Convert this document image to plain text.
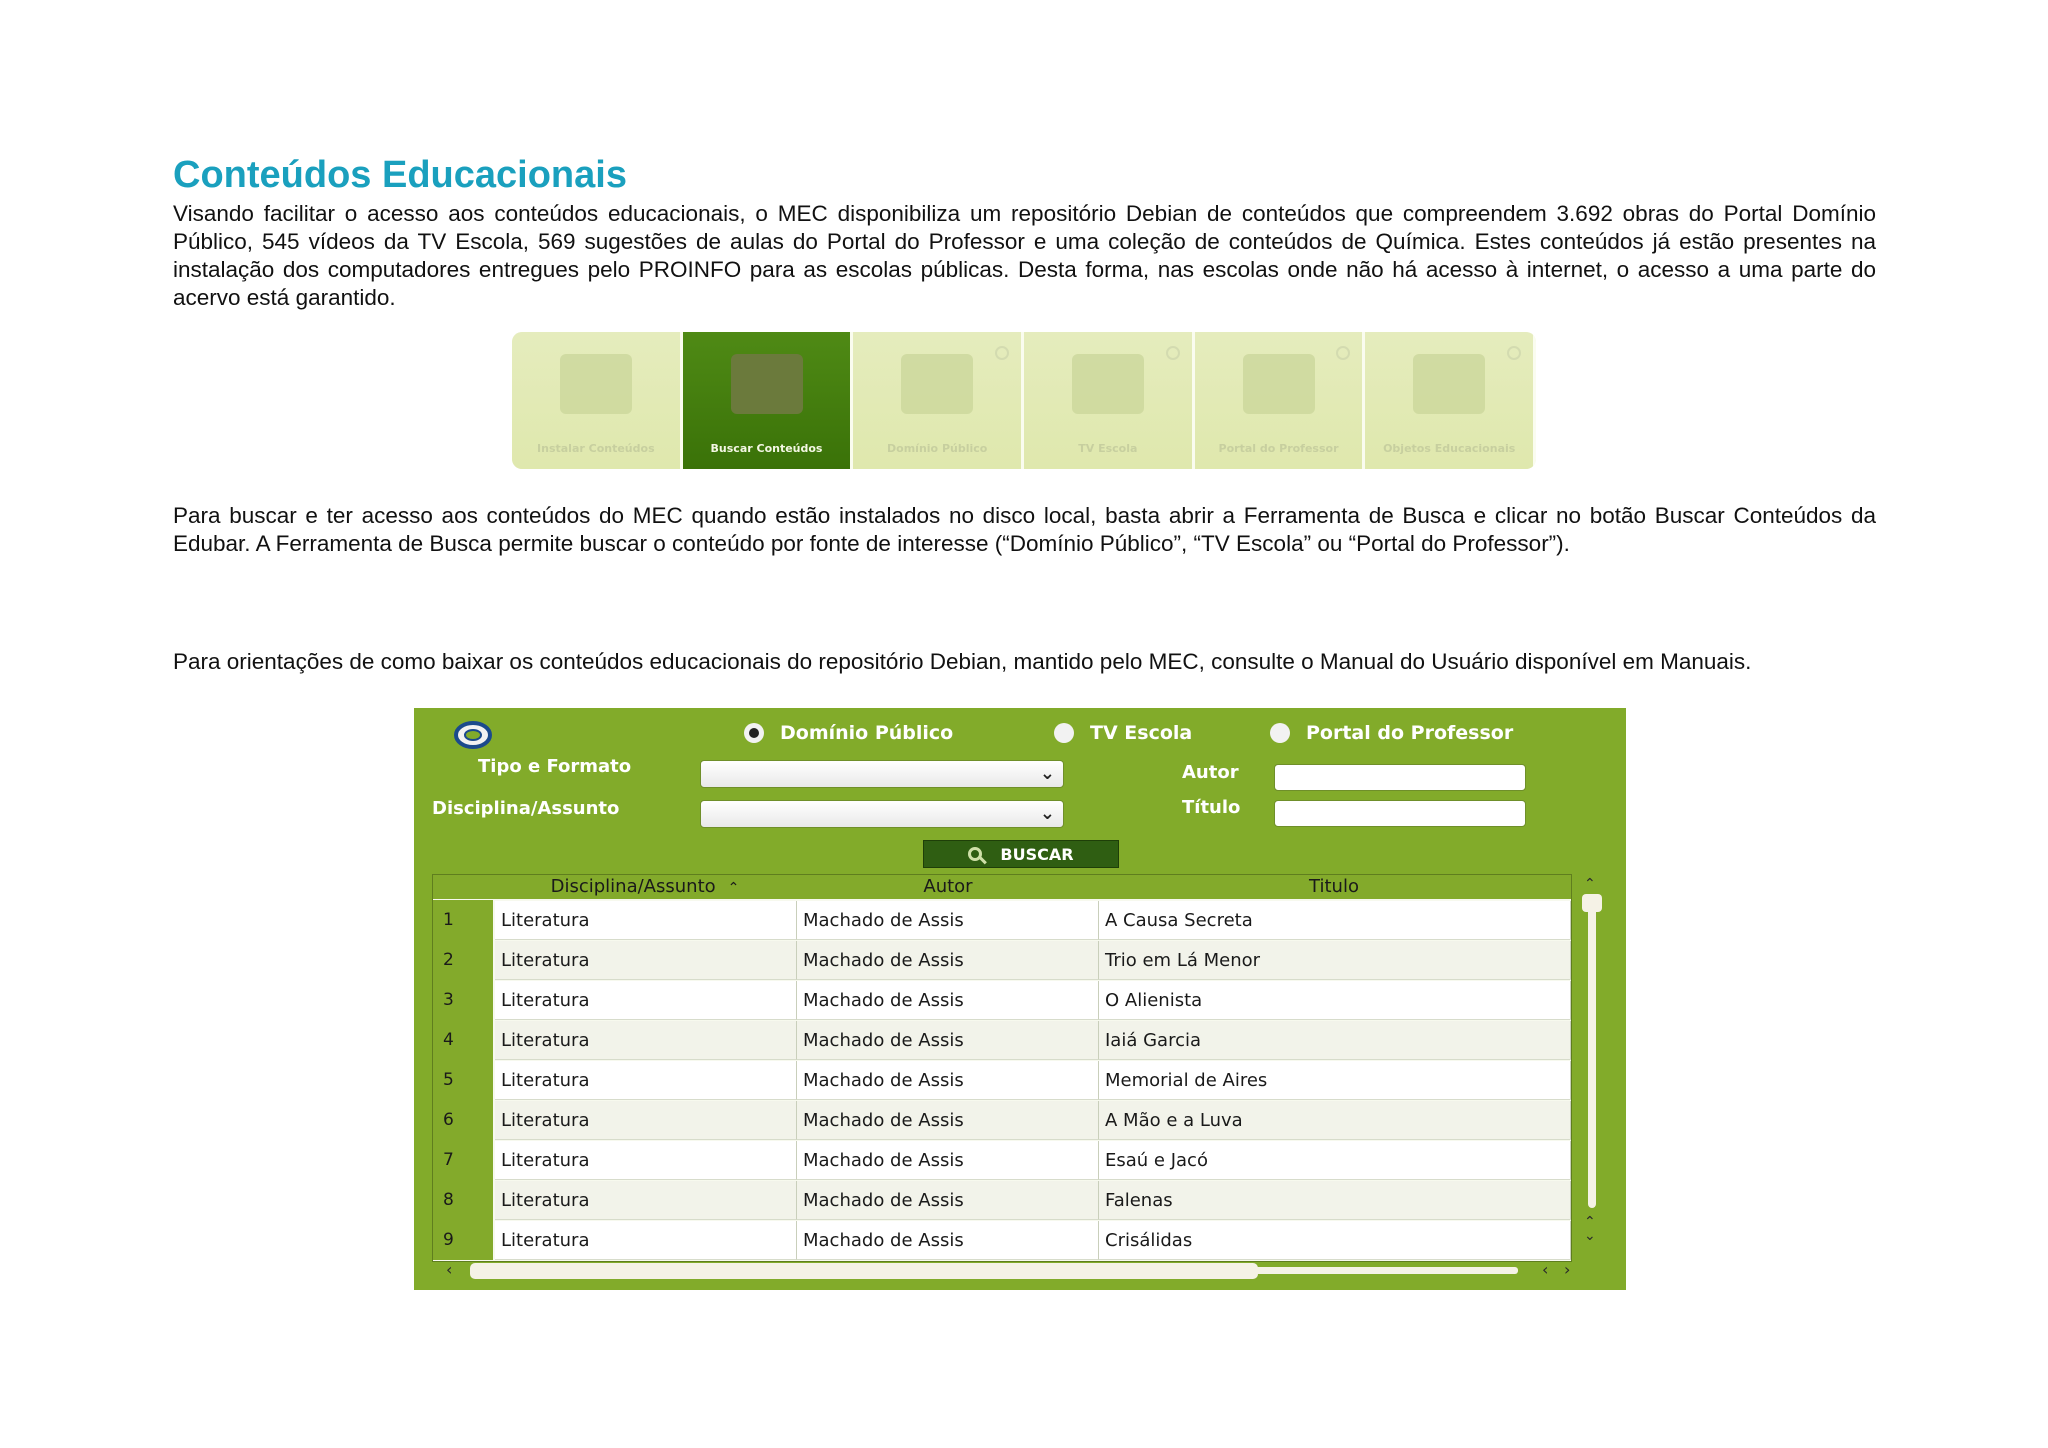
Conteúdos Educacionais

Visando facilitar o acesso aos conteúdos educacionais, o MEC disponibiliza um repositório Debian de conteúdos que compreendem 3.692 obras do Portal Domínio Público, 545 vídeos da TV Escola, 569 sugestões de aulas do Portal do Professor e uma coleção de conteúdos de Química. Estes conteúdos já estão presentes na instalação dos computadores entregues pelo PROINFO para as escolas públicas. Desta forma, nas escolas onde não há acesso à internet, o acesso a uma parte do acervo está garantido.

Instalar Conteúdos	Buscar Conteúdos	Domínio Público	TV Escola	Portal do Professor	Objetos Educacionais

Para buscar e ter acesso aos conteúdos do MEC quando estão instalados no disco local, basta abrir a Ferramenta de Busca e clicar no botão Buscar Conteúdos da Edubar. A Ferramenta de Busca permite buscar o conteúdo por fonte de interesse (“Domínio Público”, “TV Escola” ou “Portal do Professor”).

Para orientações de como baixar os conteúdos educacionais do repositório Debian, mantido pelo MEC, consulte o Manual do Usuário disponível em Manuais.

Domínio Público	TV Escola	Portal do Professor
Tipo e Formato	⌄
Disciplina/Assunto	⌄
Autor
Título
BUSCAR
Disciplina/Assunto ⌃	Autor	Titulo
1	Literatura	Machado de Assis	A Causa Secreta
2	Literatura	Machado de Assis	Trio em Lá Menor
3	Literatura	Machado de Assis	O Alienista
4	Literatura	Machado de Assis	Iaiá Garcia
5	Literatura	Machado de Assis	Memorial de Aires
6	Literatura	Machado de Assis	A Mão e a Luva
7	Literatura	Machado de Assis	Esaú e Jacó
8	Literatura	Machado de Assis	Falenas
9	Literatura	Machado de Assis	Crisálidas
⌃
⌃
⌄
‹	‹ ›
